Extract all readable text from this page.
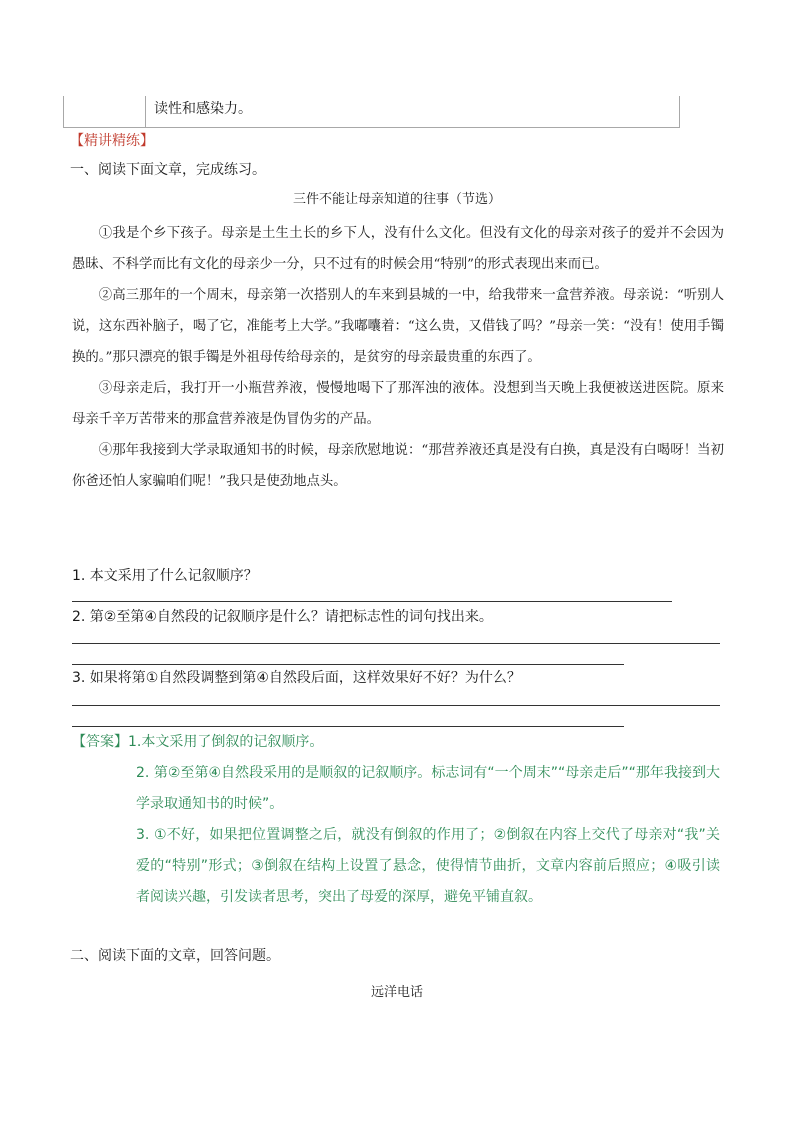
读性和感染力。
【精讲精练】
一、阅读下面文章，完成练习。
三件不能让母亲知道的往事（节选）

①我是个乡下孩子。母亲是土生土长的乡下人，没有什么文化。但没有文化的母亲对孩子的爱并不会因为愚昧、不科学而比有文化的母亲少一分，只不过有的时候会用“特别”的形式表现出来而已。

②高三那年的一个周末，母亲第一次搭别人的车来到县城的一中，给我带来一盒营养液。母亲说：“听别人说，这东西补脑子，喝了它，准能考上大学。”我嘟囔着：“这么贵，又借钱了吗？”母亲一笑：“没有！使用手镯换的。”那只漂亮的银手镯是外祖母传给母亲的，是贫穷的母亲最贵重的东西了。

③母亲走后，我打开一小瓶营养液，慢慢地喝下了那浑浊的液体。没想到当天晚上我便被送进医院。原来母亲千辛万苦带来的那盒营养液是伪冒伪劣的产品。

④那年我接到大学录取通知书的时候，母亲欣慰地说：“那营养液还真是没有白换，真是没有白喝呀！当初你爸还怕人家骗咱们呢！”我只是使劲地点头。

1. 本文采用了什么记叙顺序？
2. 第②至第④自然段的记叙顺序是什么？请把标志性的词句找出来。
3. 如果将第①自然段调整到第④自然段后面，这样效果好不好？为什么？
【答案】1.本文采用了倒叙的记叙顺序。
2. 第②至第④自然段采用的是顺叙的记叙顺序。标志词有“一个周末”“母亲走后”“那年我接到大学录取通知书的时候”。
3. ①不好，如果把位置调整之后，就没有倒叙的作用了；②倒叙在内容上交代了母亲对“我”关爱的“特别”形式；③倒叙在结构上设置了悬念，使得情节曲折，文章内容前后照应；④吸引读者阅读兴趣，引发读者思考，突出了母爱的深厚，避免平铺直叙。
二、阅读下面的文章，回答问题。
远洋电话
